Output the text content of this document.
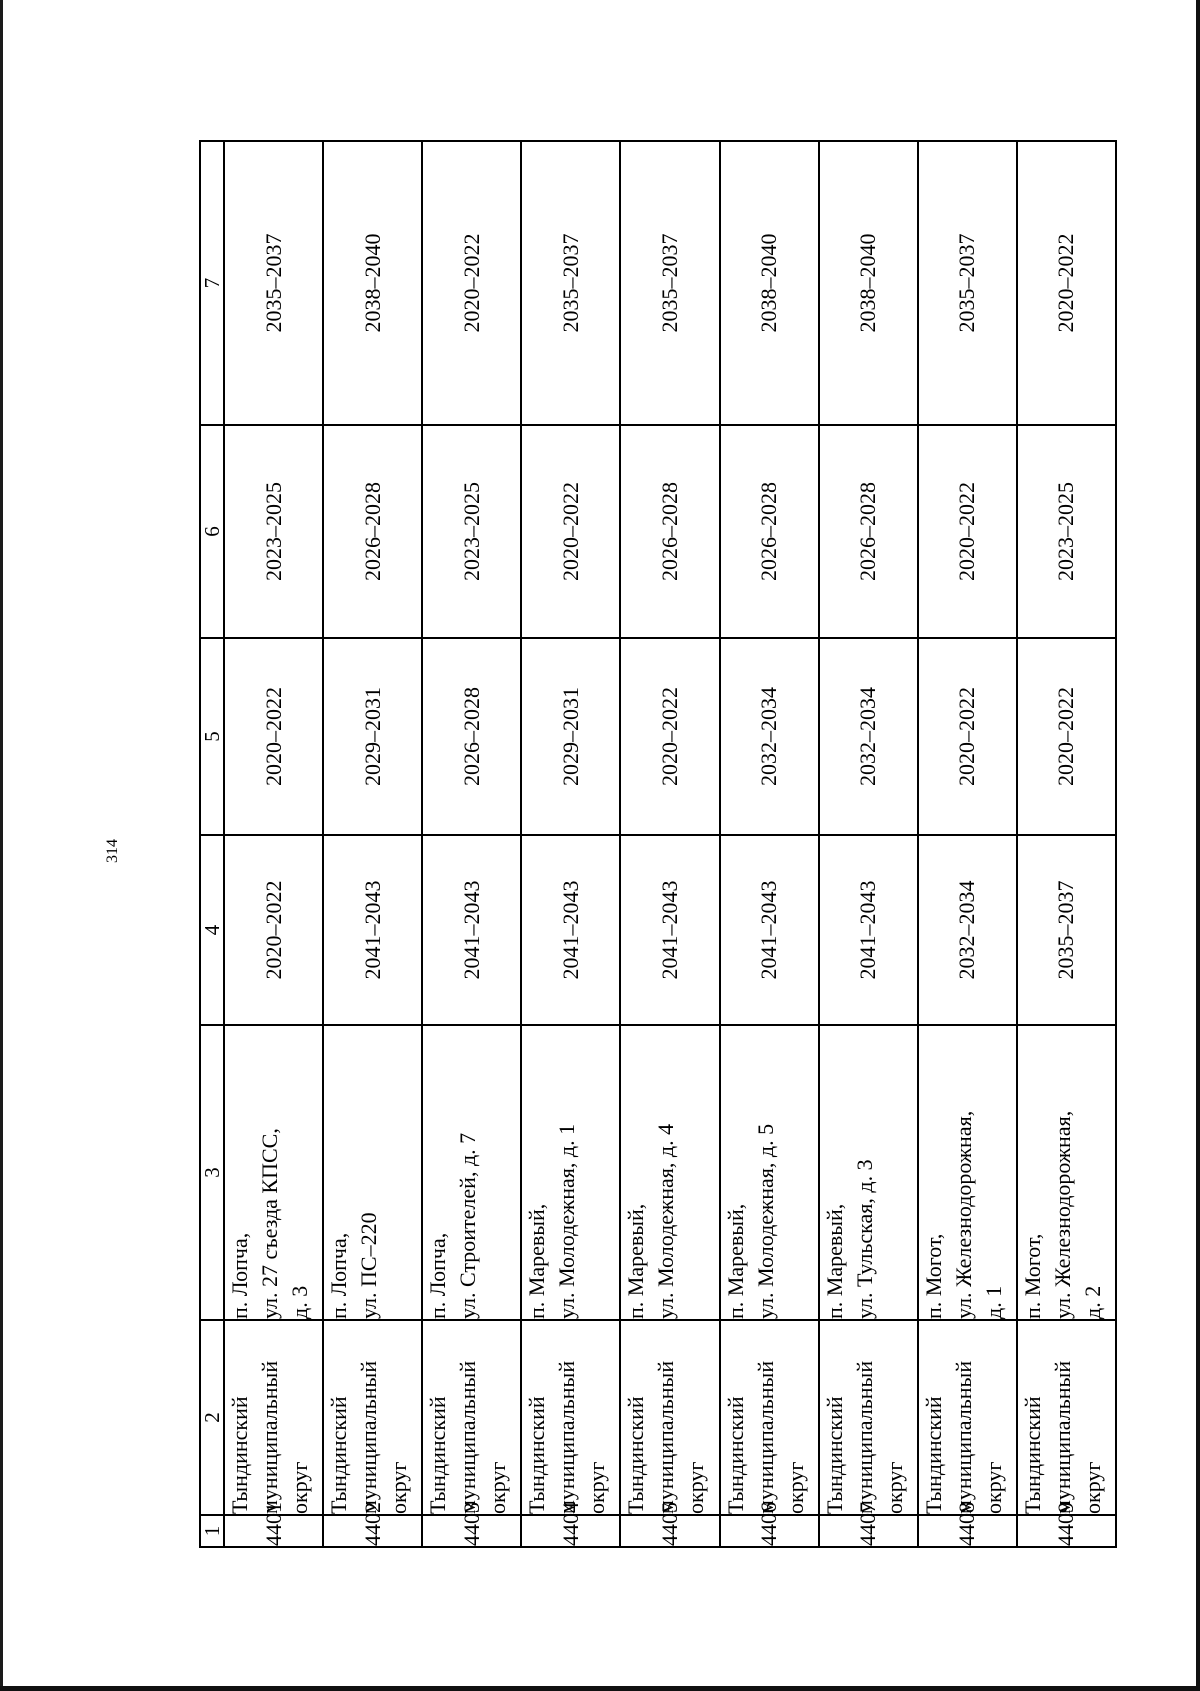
314
1	2	3	4	5	6	7
4401	Тындинский муниципальный округ	п. Лопча, ул. 27 съезда КПСС, д. 3	2020–2022	2020–2022	2023–2025	2035–2037
4402	Тындинский муниципальный округ	п. Лопча, ул. ПС–220	2041–2043	2029–2031	2026–2028	2038–2040
4403	Тындинский муниципальный округ	п. Лопча, ул. Строителей, д. 7	2041–2043	2026–2028	2023–2025	2020–2022
4404	Тындинский муниципальный округ	п. Маревый, ул. Молодежная, д. 1	2041–2043	2029–2031	2020–2022	2035–2037
4405	Тындинский муниципальный округ	п. Маревый, ул. Молодежная, д. 4	2041–2043	2020–2022	2026–2028	2035–2037
4406	Тындинский муниципальный округ	п. Маревый, ул. Молодежная, д. 5	2041–2043	2032–2034	2026–2028	2038–2040
4407	Тындинский муниципальный округ	п. Маревый, ул. Тульская, д. 3	2041–2043	2032–2034	2026–2028	2038–2040
4408	Тындинский муниципальный округ	п. Могот, ул. Железнодорожная, д. 1	2032–2034	2020–2022	2020–2022	2035–2037
4409	Тындинский муниципальный округ	п. Могот, ул. Железнодорожная, д. 2	2035–2037	2020–2022	2023–2025	2020–2022
